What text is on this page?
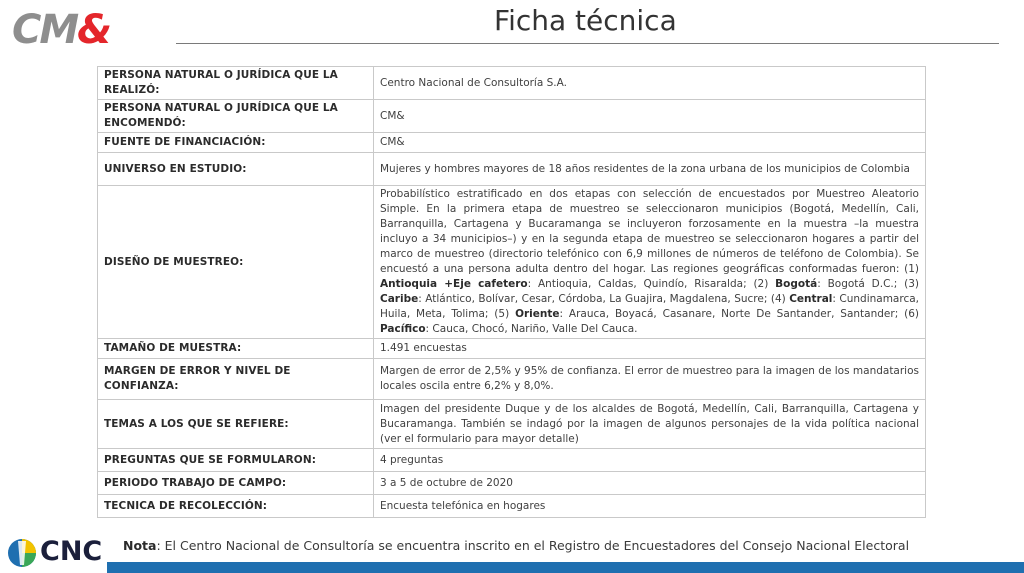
CM&	Ficha técnica
PERSONA NATURAL O JURÍDICA QUE LA REALIZÓ:	Centro Nacional de Consultoría S.A.
PERSONA NATURAL O JURÍDICA QUE LA ENCOMENDÓ:	CM&
FUENTE DE FINANCIACIÓN:	CM&
UNIVERSO EN ESTUDIO:	Mujeres y hombres mayores de 18 años residentes de la zona urbana de los municipios de Colombia
DISEÑO DE MUESTREO:	Probabilístico estratificado en dos etapas con selección de encuestados por Muestreo Aleatorio Simple. En la primera etapa de muestreo se seleccionaron municipios (Bogotá, Medellín, Cali, Barranquilla, Cartagena y Bucaramanga se incluyeron forzosamente en la muestra –la muestra incluyo a 34 municipios–) y en la segunda etapa de muestreo se seleccionaron hogares a partir del marco de muestreo (directorio telefónico con 6,9 millones de números de teléfono de Colombia). Se encuestó a una persona adulta dentro del hogar. Las regiones geográficas conformadas fueron: (1) Antioquia +Eje cafetero: Antioquia, Caldas, Quindío, Risaralda; (2) Bogotá: Bogotá D.C.; (3) Caribe: Atlántico, Bolívar, Cesar, Córdoba, La Guajira, Magdalena, Sucre; (4) Central: Cundinamarca, Huila, Meta, Tolima; (5) Oriente: Arauca, Boyacá, Casanare, Norte De Santander, Santander; (6) Pacífico: Cauca, Chocó, Nariño, Valle Del Cauca.
TAMAÑO DE MUESTRA:	1.491 encuestas
MARGEN DE ERROR Y NIVEL DE CONFIANZA:	Margen de error de 2,5% y 95% de confianza. El error de muestreo para la imagen de los mandatarios locales oscila entre 6,2% y 8,0%.
TEMAS A LOS QUE SE REFIERE:	Imagen del presidente Duque y de los alcaldes de Bogotá, Medellín, Cali, Barranquilla, Cartagena y Bucaramanga. También se indagó por la imagen de algunos personajes de la vida política nacional (ver el formulario para mayor detalle)
PREGUNTAS QUE SE FORMULARON:	4 preguntas
PERIODO TRABAJO DE CAMPO:	3 a 5 de octubre de 2020
TECNICA DE RECOLECCIÓN:	Encuesta telefónica en hogares
CNC Nota: El Centro Nacional de Consultoría se encuentra inscrito en el Registro de Encuestadores del Consejo Nacional Electoral
